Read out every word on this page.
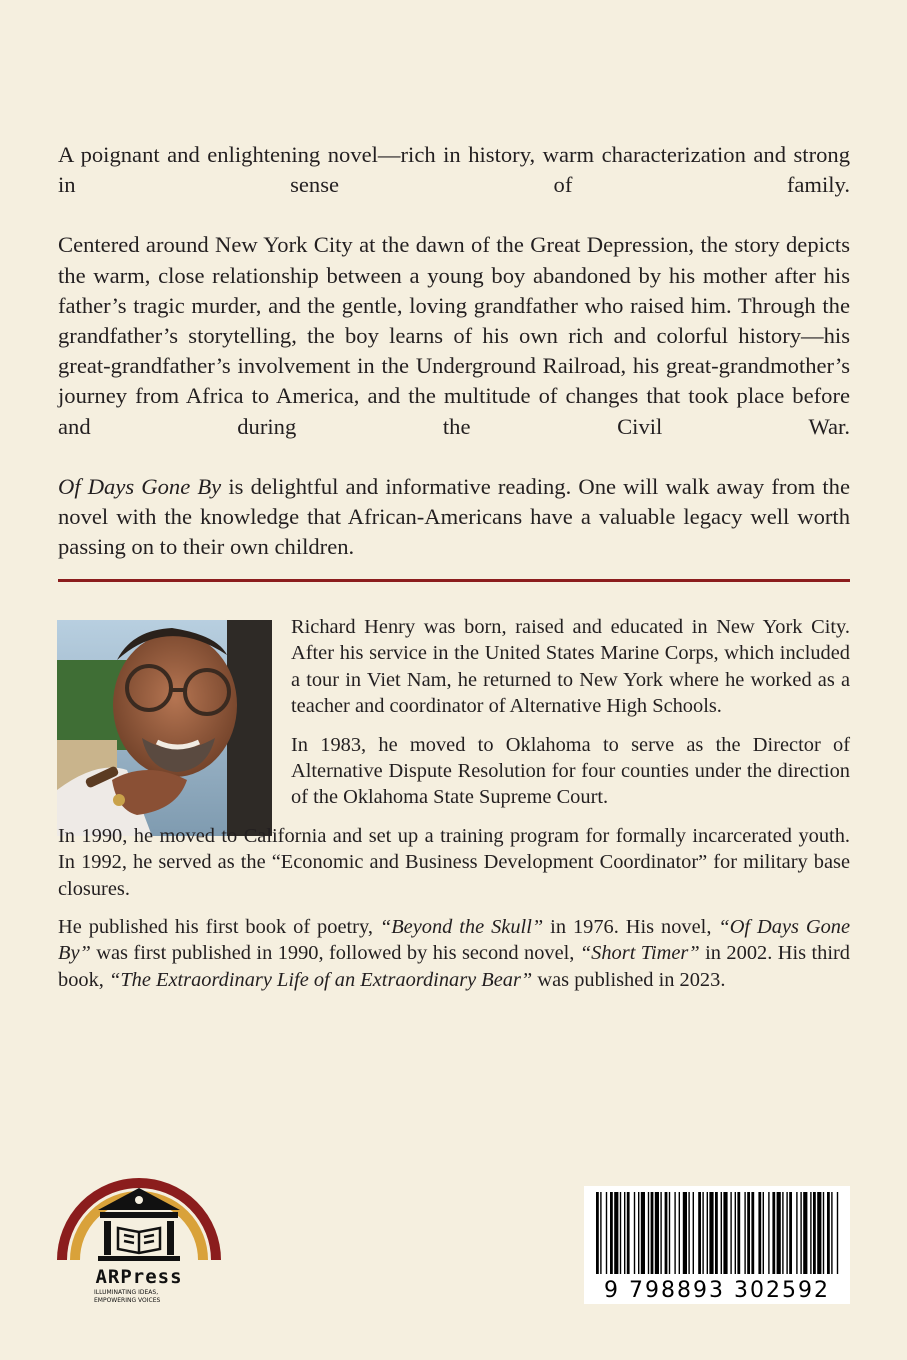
A poignant and enlightening novel—rich in history, warm characterization and strong in sense of family.

Centered around New York City at the dawn of the Great Depression, the story depicts the warm, close relationship between a young boy abandoned by his mother after his father’s tragic murder, and the gentle, loving grandfather who raised him. Through the grandfather’s storytelling, the boy learns of his own rich and colorful history—his great-grandfather’s involvement in the Underground Railroad, his great-grandmother’s journey from Africa to America, and the multitude of changes that took place before and during the Civil War.

Of Days Gone By is delightful and informative reading. One will walk away from the novel with the knowledge that African-Americans have a valuable legacy well worth passing on to their own children.

Richard Henry was born, raised and educated in New York City. After his service in the United States Marine Corps, which included a tour in Viet Nam, he returned to New York where he worked as a teacher and coordinator of Alternative High Schools.

In 1983, he moved to Oklahoma to serve as the Director of Alternative Dispute Resolution for four counties under the direction of the Oklahoma State Supreme Court.

In 1990, he moved to California and set up a training program for formally incarcerated youth. In 1992, he served as the “Economic and Business Development Coordinator” for military base closures.

He published his first book of poetry, “Beyond the Skull” in 1976. His novel, “Of Days Gone By” was first published in 1990, followed by his second novel, “Short Timer” in 2002. His third book, “The Extraordinary Life of an Extraordinary Bear” was published in 2023.

ARPress
ILLUMINATING IDEAS,
EMPOWERING VOICES	9 798893 302592
